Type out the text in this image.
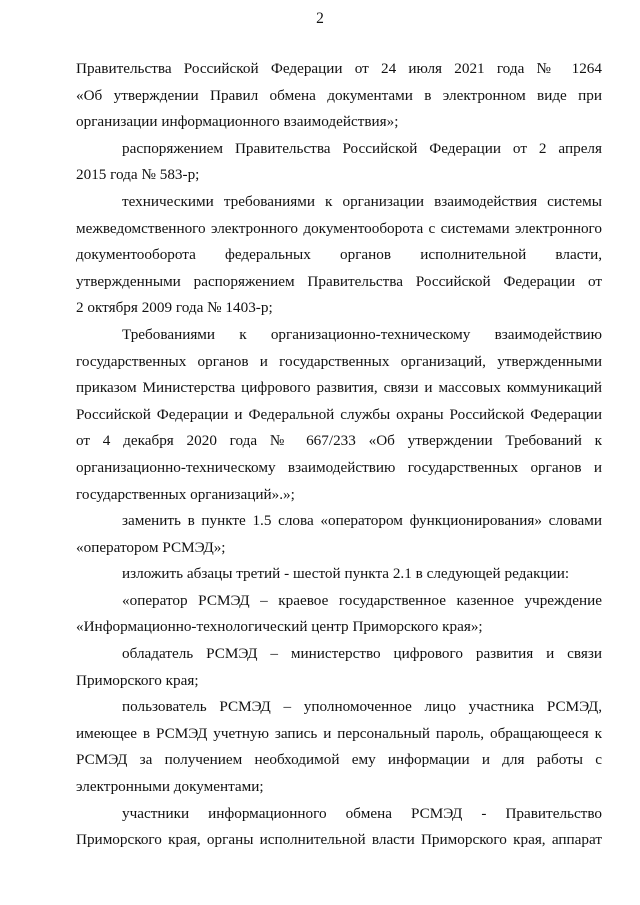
2
Правительства Российской Федерации от 24 июля 2021 года № 1264
«Об утверждении Правил обмена документами в электронном виде при
организации информационного взаимодействия»;
распоряжением Правительства Российской Федерации от 2 апреля
2015 года № 583-р;
техническими требованиями к организации взаимодействия системы
межведомственного электронного документооборота с системами электронного
документооборота федеральных органов исполнительной власти,
утвержденными распоряжением Правительства Российской Федерации от
2 октября 2009 года № 1403-р;
Требованиями к организационно-техническому взаимодействию
государственных органов и государственных организаций, утвержденными
приказом Министерства цифрового развития, связи и массовых коммуникаций
Российской Федерации и Федеральной службы охраны Российской Федерации
от 4 декабря 2020 года № 667/233 «Об утверждении Требований к
организационно-техническому взаимодействию государственных органов и
государственных организаций».»;
заменить в пункте 1.5 слова «оператором функционирования» словами
«оператором РСМЭД»;
изложить абзацы третий - шестой пункта 2.1 в следующей редакции:
«оператор РСМЭД – краевое государственное казенное учреждение
«Информационно-технологический центр Приморского края»;
обладатель РСМЭД – министерство цифрового развития и связи
Приморского края;
пользователь РСМЭД – уполномоченное лицо участника РСМЭД,
имеющее в РСМЭД учетную запись и персональный пароль, обращающееся к
РСМЭД за получением необходимой ему информации и для работы с
электронными документами;
участники информационного обмена РСМЭД - Правительство
Приморского края, органы исполнительной власти Приморского края, аппарат
